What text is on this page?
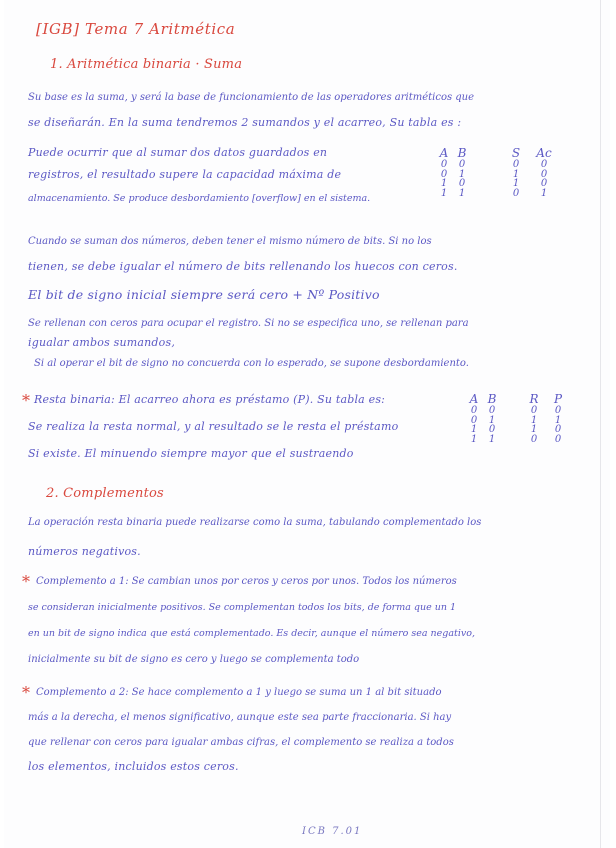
[IGB] Tema 7 Aritmética
1. Aritmética binaria · Suma
Su base es la suma, y será la base de funcionamiento de las operadores aritméticos que
se diseñarán. En la suma tendremos 2 sumandos y el acarreo, Su tabla es :
Puede ocurrir que al sumar dos datos guardados en
registros, el resultado supere la capacidad máxima de
almacenamiento. Se produce desbordamiento [overflow] en el sistema.
A
0
0
1
1
B
0
1
0
1
S
0
1
1
0
Ac
0
0
0
1
Cuando se suman dos números, deben tener el mismo número de bits. Si no los
tienen, se debe igualar el número de bits rellenando los huecos con ceros.
El bit de signo inicial siempre será cero + Nº Positivo
Se rellenan con ceros para ocupar el registro. Si no se especifica uno, se rellenan para
igualar ambos sumandos,
Si al operar el bit de signo no concuerda con lo esperado, se supone desbordamiento.
* Resta binaria: El acarreo ahora es préstamo (P). Su tabla es:
Se realiza la resta normal, y al resultado se le resta el préstamo
Si existe. El minuendo siempre mayor que el sustraendo
A
0
0
1
1
B
0
1
0
1
R
0
1
1
0
P
0
1
0
0
2. Complementos
La operación resta binaria puede realizarse como la suma, tabulando complementado los
números negativos.
* Complemento a 1: Se cambian unos por ceros y ceros por unos. Todos los números
se consideran inicialmente positivos. Se complementan todos los bits, de forma que un 1
en un bit de signo indica que está complementado. Es decir, aunque el número sea negativo,
inicialmente su bit de signo es cero y luego se complementa todo
* Complemento a 2: Se hace complemento a 1 y luego se suma un 1 al bit situado
más a la derecha, el menos significativo, aunque este sea parte fraccionaria. Si hay
que rellenar con ceros para igualar ambas cifras, el complemento se realiza a todos
los elementos, incluidos estos ceros.
ICB 7.01
